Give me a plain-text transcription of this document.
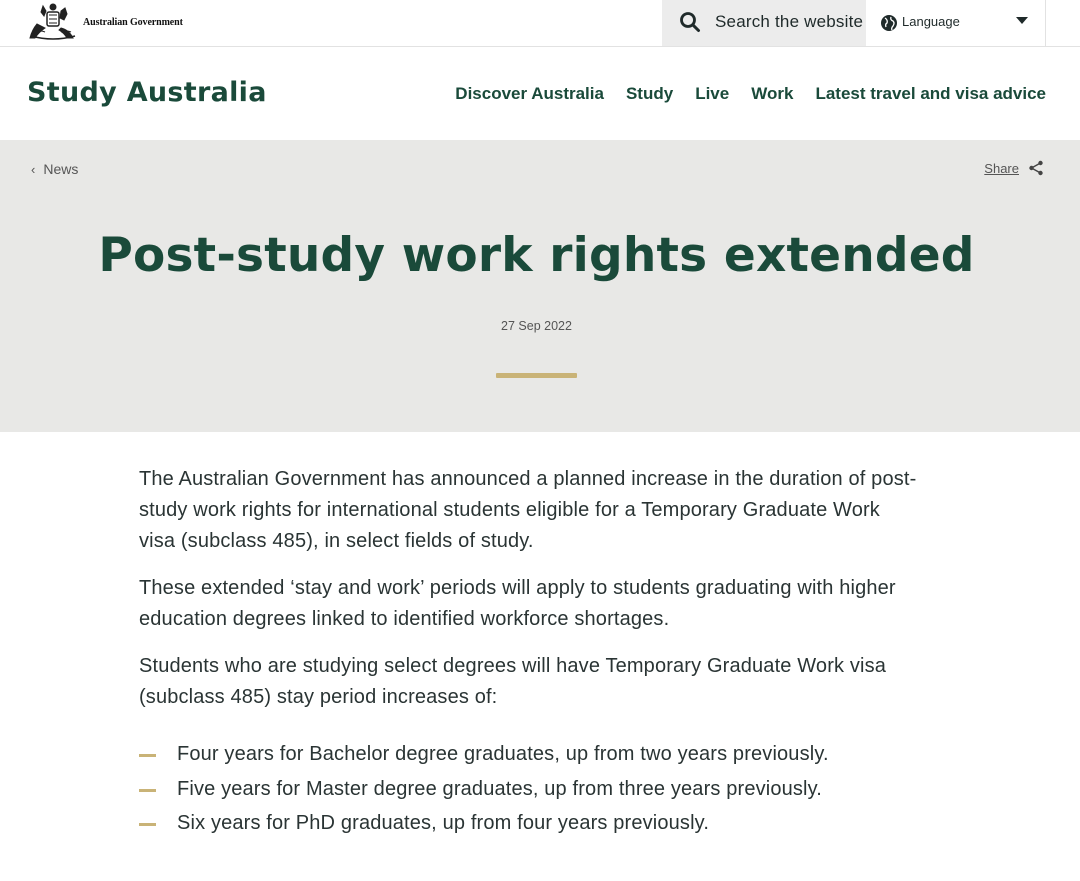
Australian Government	Search the website	Language
Study Australia	Discover Australia Study Live Work Latest travel and visa advice
‹ News	Share
Post-study work rights extended
27 Sep 2022

The Australian Government has announced a planned increase in the duration of post-study work rights for international students eligible for a Temporary Graduate Work visa (subclass 485), in select fields of study.

These extended ‘stay and work’ periods will apply to students graduating with higher education degrees linked to identified workforce shortages.

Students who are studying select degrees will have Temporary Graduate Work visa (subclass 485) stay period increases of:

Four years for Bachelor degree graduates, up from two years previously.
Five years for Master degree graduates, up from three years previously.
Six years for PhD graduates, up from four years previously.
